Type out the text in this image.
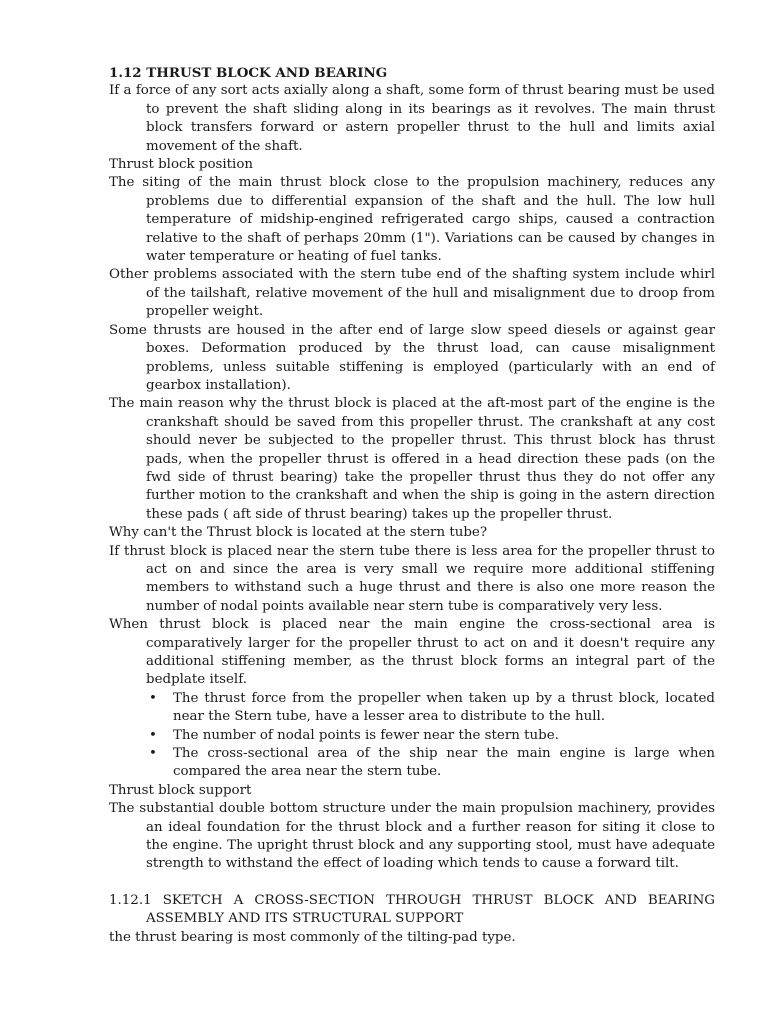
1.12 THRUST BLOCK AND BEARING

If a force of any sort acts axially along a shaft, some form of thrust bearing must be used to prevent the shaft sliding along in its bearings as it revolves. The main thrust block transfers forward or astern propeller thrust to the hull and limits axial movement of the shaft.

Thrust block position

The siting of the main thrust block close to the propulsion machinery, reduces any problems due to differential expansion of the shaft and the hull. The low hull temperature of midship-engined refrigerated cargo ships, caused a contraction relative to the shaft of perhaps 20mm (1"). Variations can be caused by changes in water temperature or heating of fuel tanks.

Other problems associated with the stern tube end of the shafting system include whirl of the tailshaft, relative movement of the hull and misalignment due to droop from propeller weight.

Some thrusts are housed in the after end of large slow speed diesels or against gear boxes. Deformation produced by the thrust load, can cause misalignment problems, unless suitable stiffening is employed (particularly with an end of gearbox installation).

The main reason why the thrust block is placed at the aft-most part of the engine is the crankshaft should be saved from this propeller thrust. The crankshaft at any cost should never be subjected to the propeller thrust. This thrust block has thrust pads, when the propeller thrust is offered in a head direction these pads (on the fwd side of thrust bearing) take the propeller thrust thus they do not offer any further motion to the crankshaft and when the ship is going in the astern direction these pads ( aft side of thrust bearing) takes up the propeller thrust.

Why can't the Thrust block is located at the stern tube?

If thrust block is placed near the stern tube there is less area for the propeller thrust to act on and since the area is very small we require more additional stiffening members to withstand such a huge thrust and there is also one more reason the number of nodal points available near stern tube is comparatively very less.

When thrust block is placed near the main engine the cross-sectional area is comparatively larger for the propeller thrust to act on and it doesn't require any additional stiffening member, as the thrust block forms an integral part of the bedplate itself.

• The thrust force from the propeller when taken up by a thrust block, located near the Stern tube, have a lesser area to distribute to the hull.
• The number of nodal points is fewer near the stern tube.
• The cross-sectional area of the ship near the main engine is large when compared the area near the stern tube.

Thrust block support

The substantial double bottom structure under the main propulsion machinery, provides an ideal foundation for the thrust block and a further reason for siting it close to the engine. The upright thrust block and any supporting stool, must have adequate strength to withstand the effect of loading which tends to cause a forward tilt.

1.12.1 SKETCH A CROSS-SECTION THROUGH THRUST BLOCK AND BEARING ASSEMBLY AND ITS STRUCTURAL SUPPORT

the thrust bearing is most commonly of the tilting-pad type.
